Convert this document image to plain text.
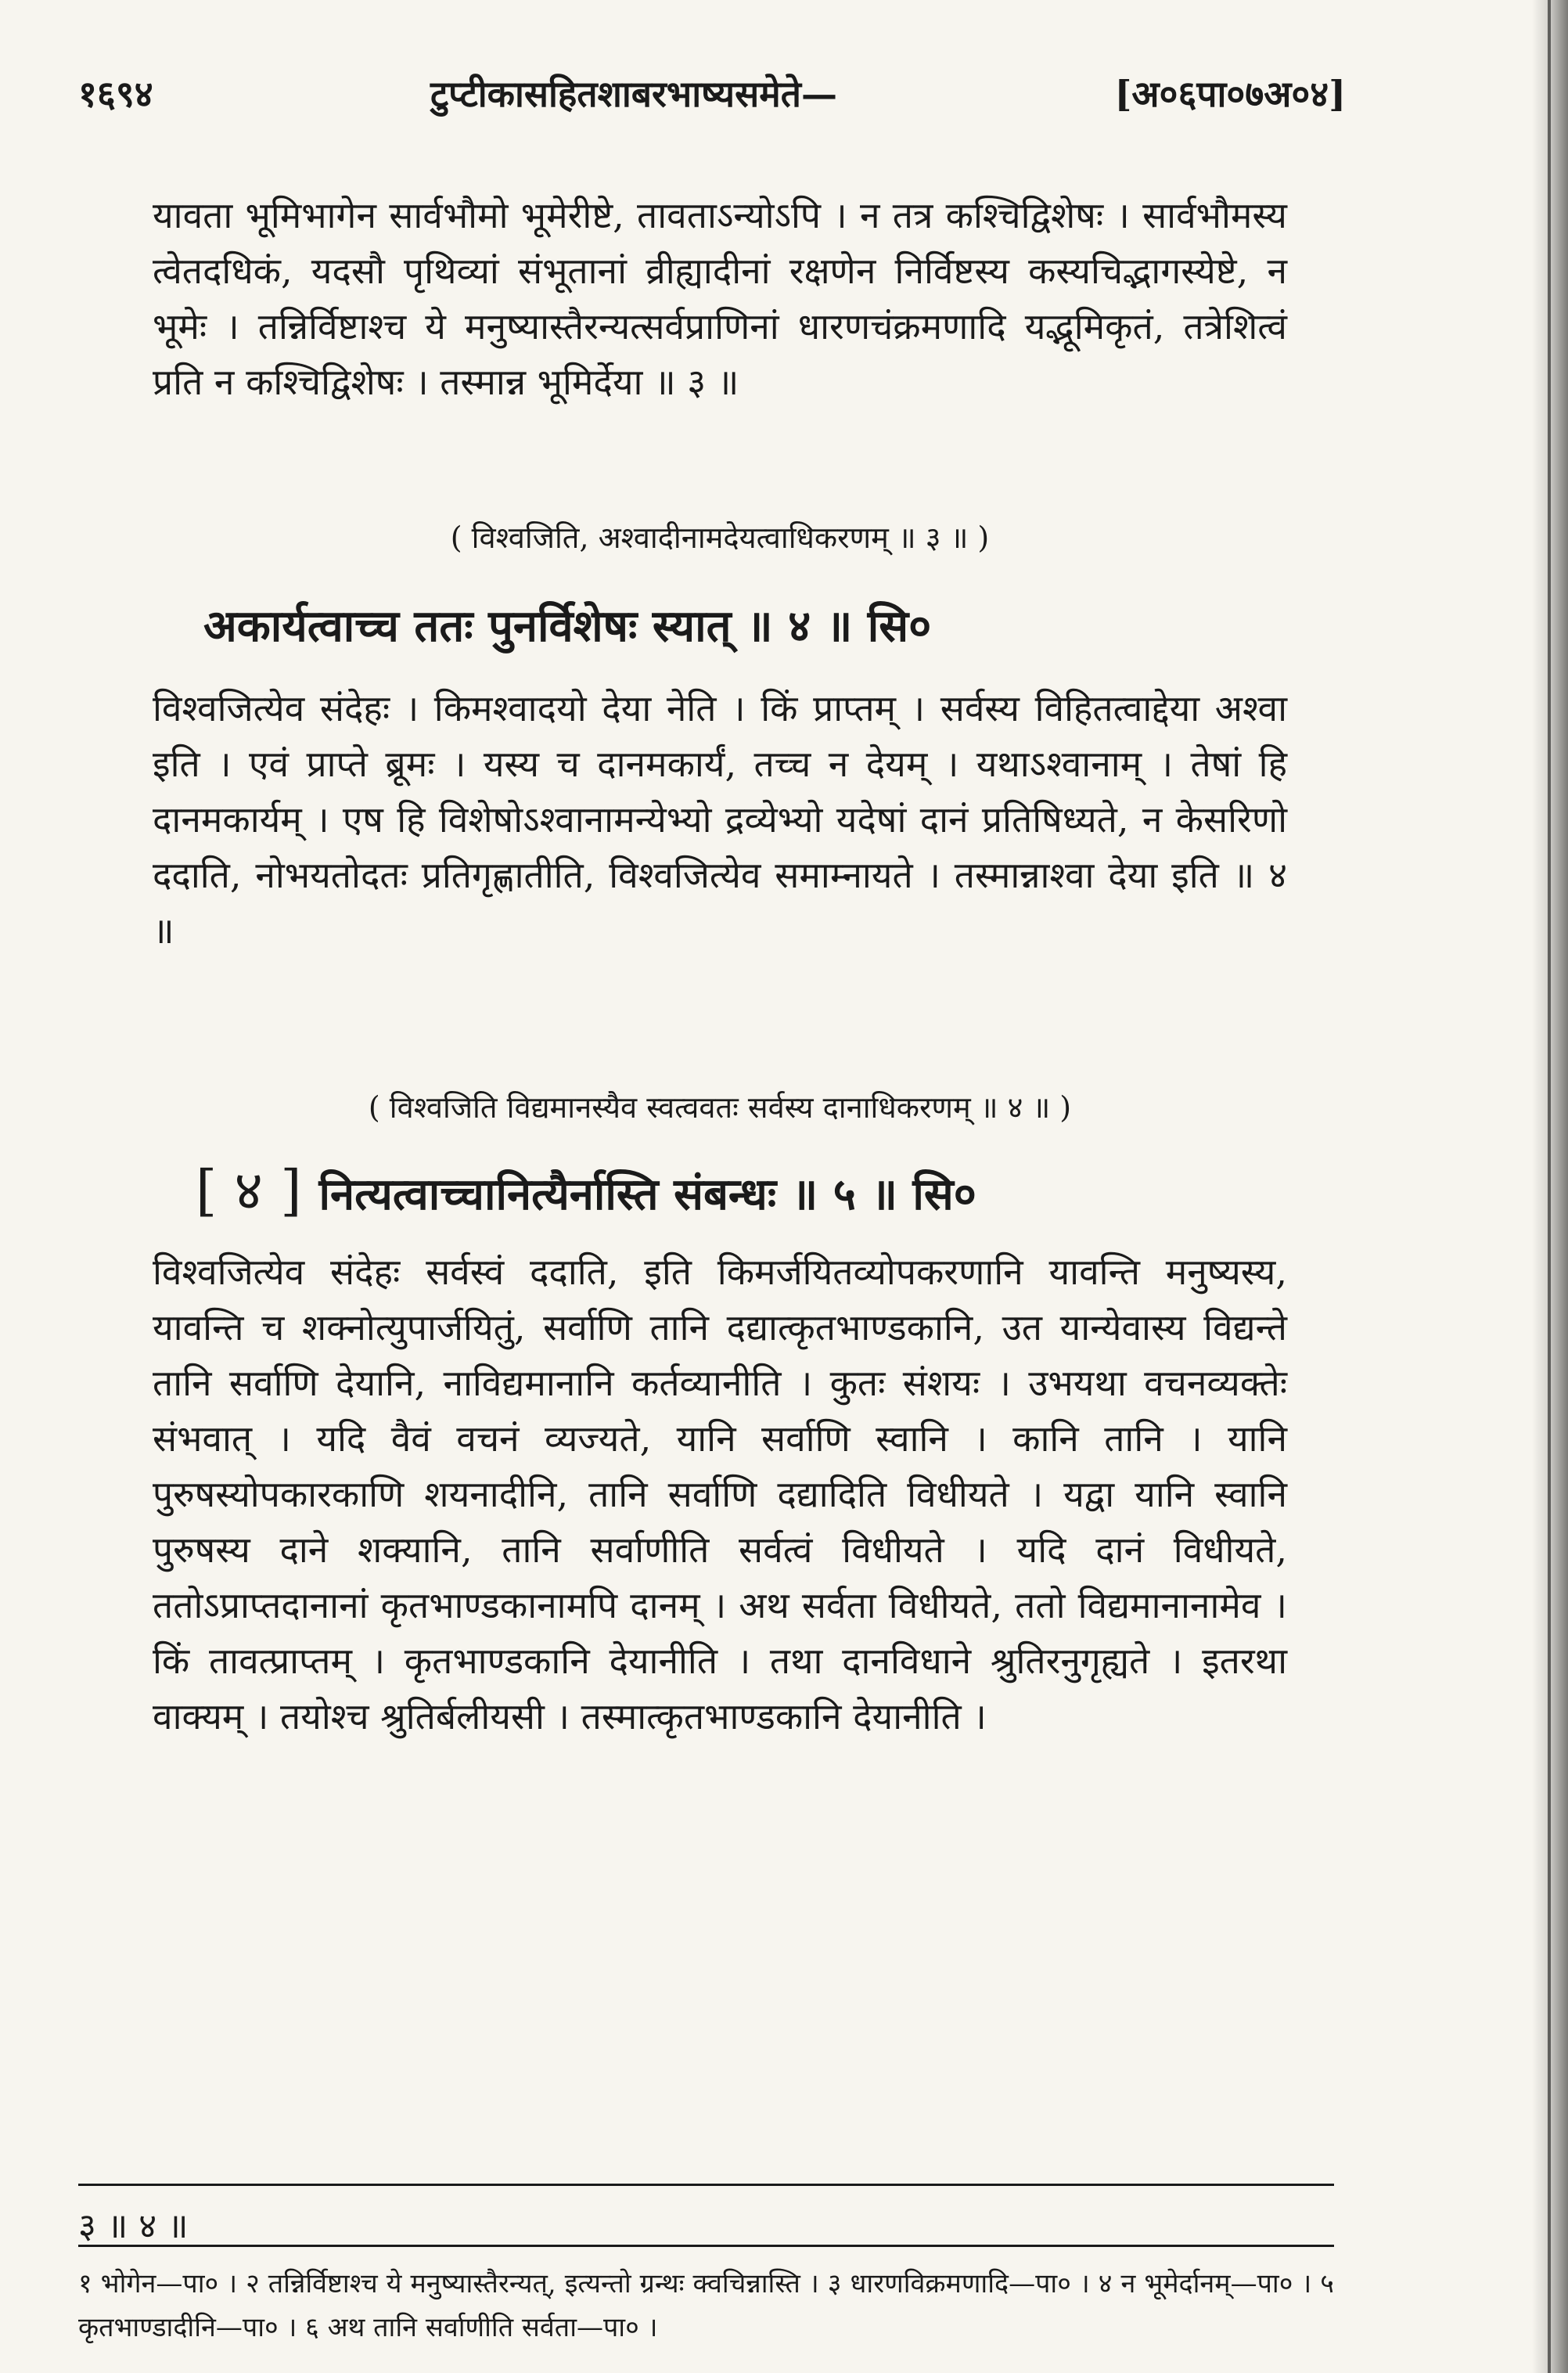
१६९४	टुप्टीकासहितशाबरभाष्यसमेते—	[अ०६पा०७अ०४]

यावता भूमिभागेन सार्वभौमो भूमेरीष्टे, तावताऽन्योऽपि । न तत्र कश्चिद्विशेषः । सार्वभौमस्य त्वेतदधिकं, यदसौ पृथिव्यां संभूतानां व्रीह्यादीनां रक्षणेन निर्विष्टस्य कस्यचिद्भागस्येष्टे, न भूमेः । तन्निर्विष्टाश्च ये मनुष्यास्तैरन्यत्सर्वप्राणिनां धारणचंक्रमणादि यद्भूमिकृतं, तत्रेशित्वं प्रति न कश्चिद्विशेषः । तस्मान्न भूमिर्देया ॥ ३ ॥

( विश्वजिति, अश्वादीनामदेयत्वाधिकरणम् ॥ ३ ॥ )

अकार्यत्वाच्च ततः पुनर्विशेषः स्यात् ॥ ४ ॥ सि०

विश्वजित्येव संदेहः । किमश्वादयो देया नेति । किं प्राप्तम् । सर्वस्य विहितत्वाद्देया अश्वा इति । एवं प्राप्ते ब्रूमः । यस्य च दानमकार्यं, तच्च न देयम् । यथाऽश्वानाम् । तेषां हि दानमकार्यम् । एष हि विशेषोऽश्वानामन्येभ्यो द्रव्येभ्यो यदेषां दानं प्रतिषिध्यते, न केसरिणो ददाति, नोभयतोदतः प्रतिगृह्णातीति, विश्वजित्येव समाम्नायते । तस्मान्नाश्वा देया इति ॥ ४ ॥

( विश्वजिति विद्यमानस्यैव स्वत्ववतः सर्वस्य दानाधिकरणम् ॥ ४ ॥ )

[ ४ ] नित्यत्वाच्चानित्यैर्नास्ति संबन्धः ॥ ५ ॥ सि०

विश्वजित्येव संदेहः सर्वस्वं ददाति, इति किमर्जयितव्योपकरणानि यावन्ति मनुष्यस्य, यावन्ति च शक्नोत्युपार्जयितुं, सर्वाणि तानि दद्यात्कृतभाण्डकानि, उत यान्येवास्य विद्यन्ते तानि सर्वाणि देयानि, नाविद्यमानानि कर्तव्यानीति । कुतः संशयः । उभयथा वचनव्यक्तेः संभवात् । यदि वैवं वचनं व्यज्यते, यानि सर्वाणि स्वानि । कानि तानि । यानि पुरुषस्योपकारकाणि शयनादीनि, तानि सर्वाणि दद्यादिति विधीयते । यद्वा यानि स्वानि पुरुषस्य दाने शक्यानि, तानि सर्वाणीति सर्वत्वं विधीयते । यदि दानं विधीयते, ततोऽप्राप्तदानानां कृतभाण्डकानामपि दानम् । अथ सर्वता विधीयते, ततो विद्यमानानामेव । किं तावत्प्राप्तम् । कृतभाण्डकानि देयानीति । तथा दानविधाने श्रुतिरनुगृह्यते । इतरथा वाक्यम् । तयोश्च श्रुतिर्बलीयसी । तस्मात्कृतभाण्डकानि देयानीति ।

३ ॥ ४ ॥
१ भोगेन—पा० । २ तन्निर्विष्टाश्च ये मनुष्यास्तैरन्यत्, इत्यन्तो ग्रन्थः क्वचिन्नास्ति । ३ धारणविक्रमणादि—पा० । ४ न भूमेर्दानम्—पा० । ५ कृतभाण्डादीनि—पा० । ६ अथ तानि सर्वाणीति सर्वता—पा० ।
